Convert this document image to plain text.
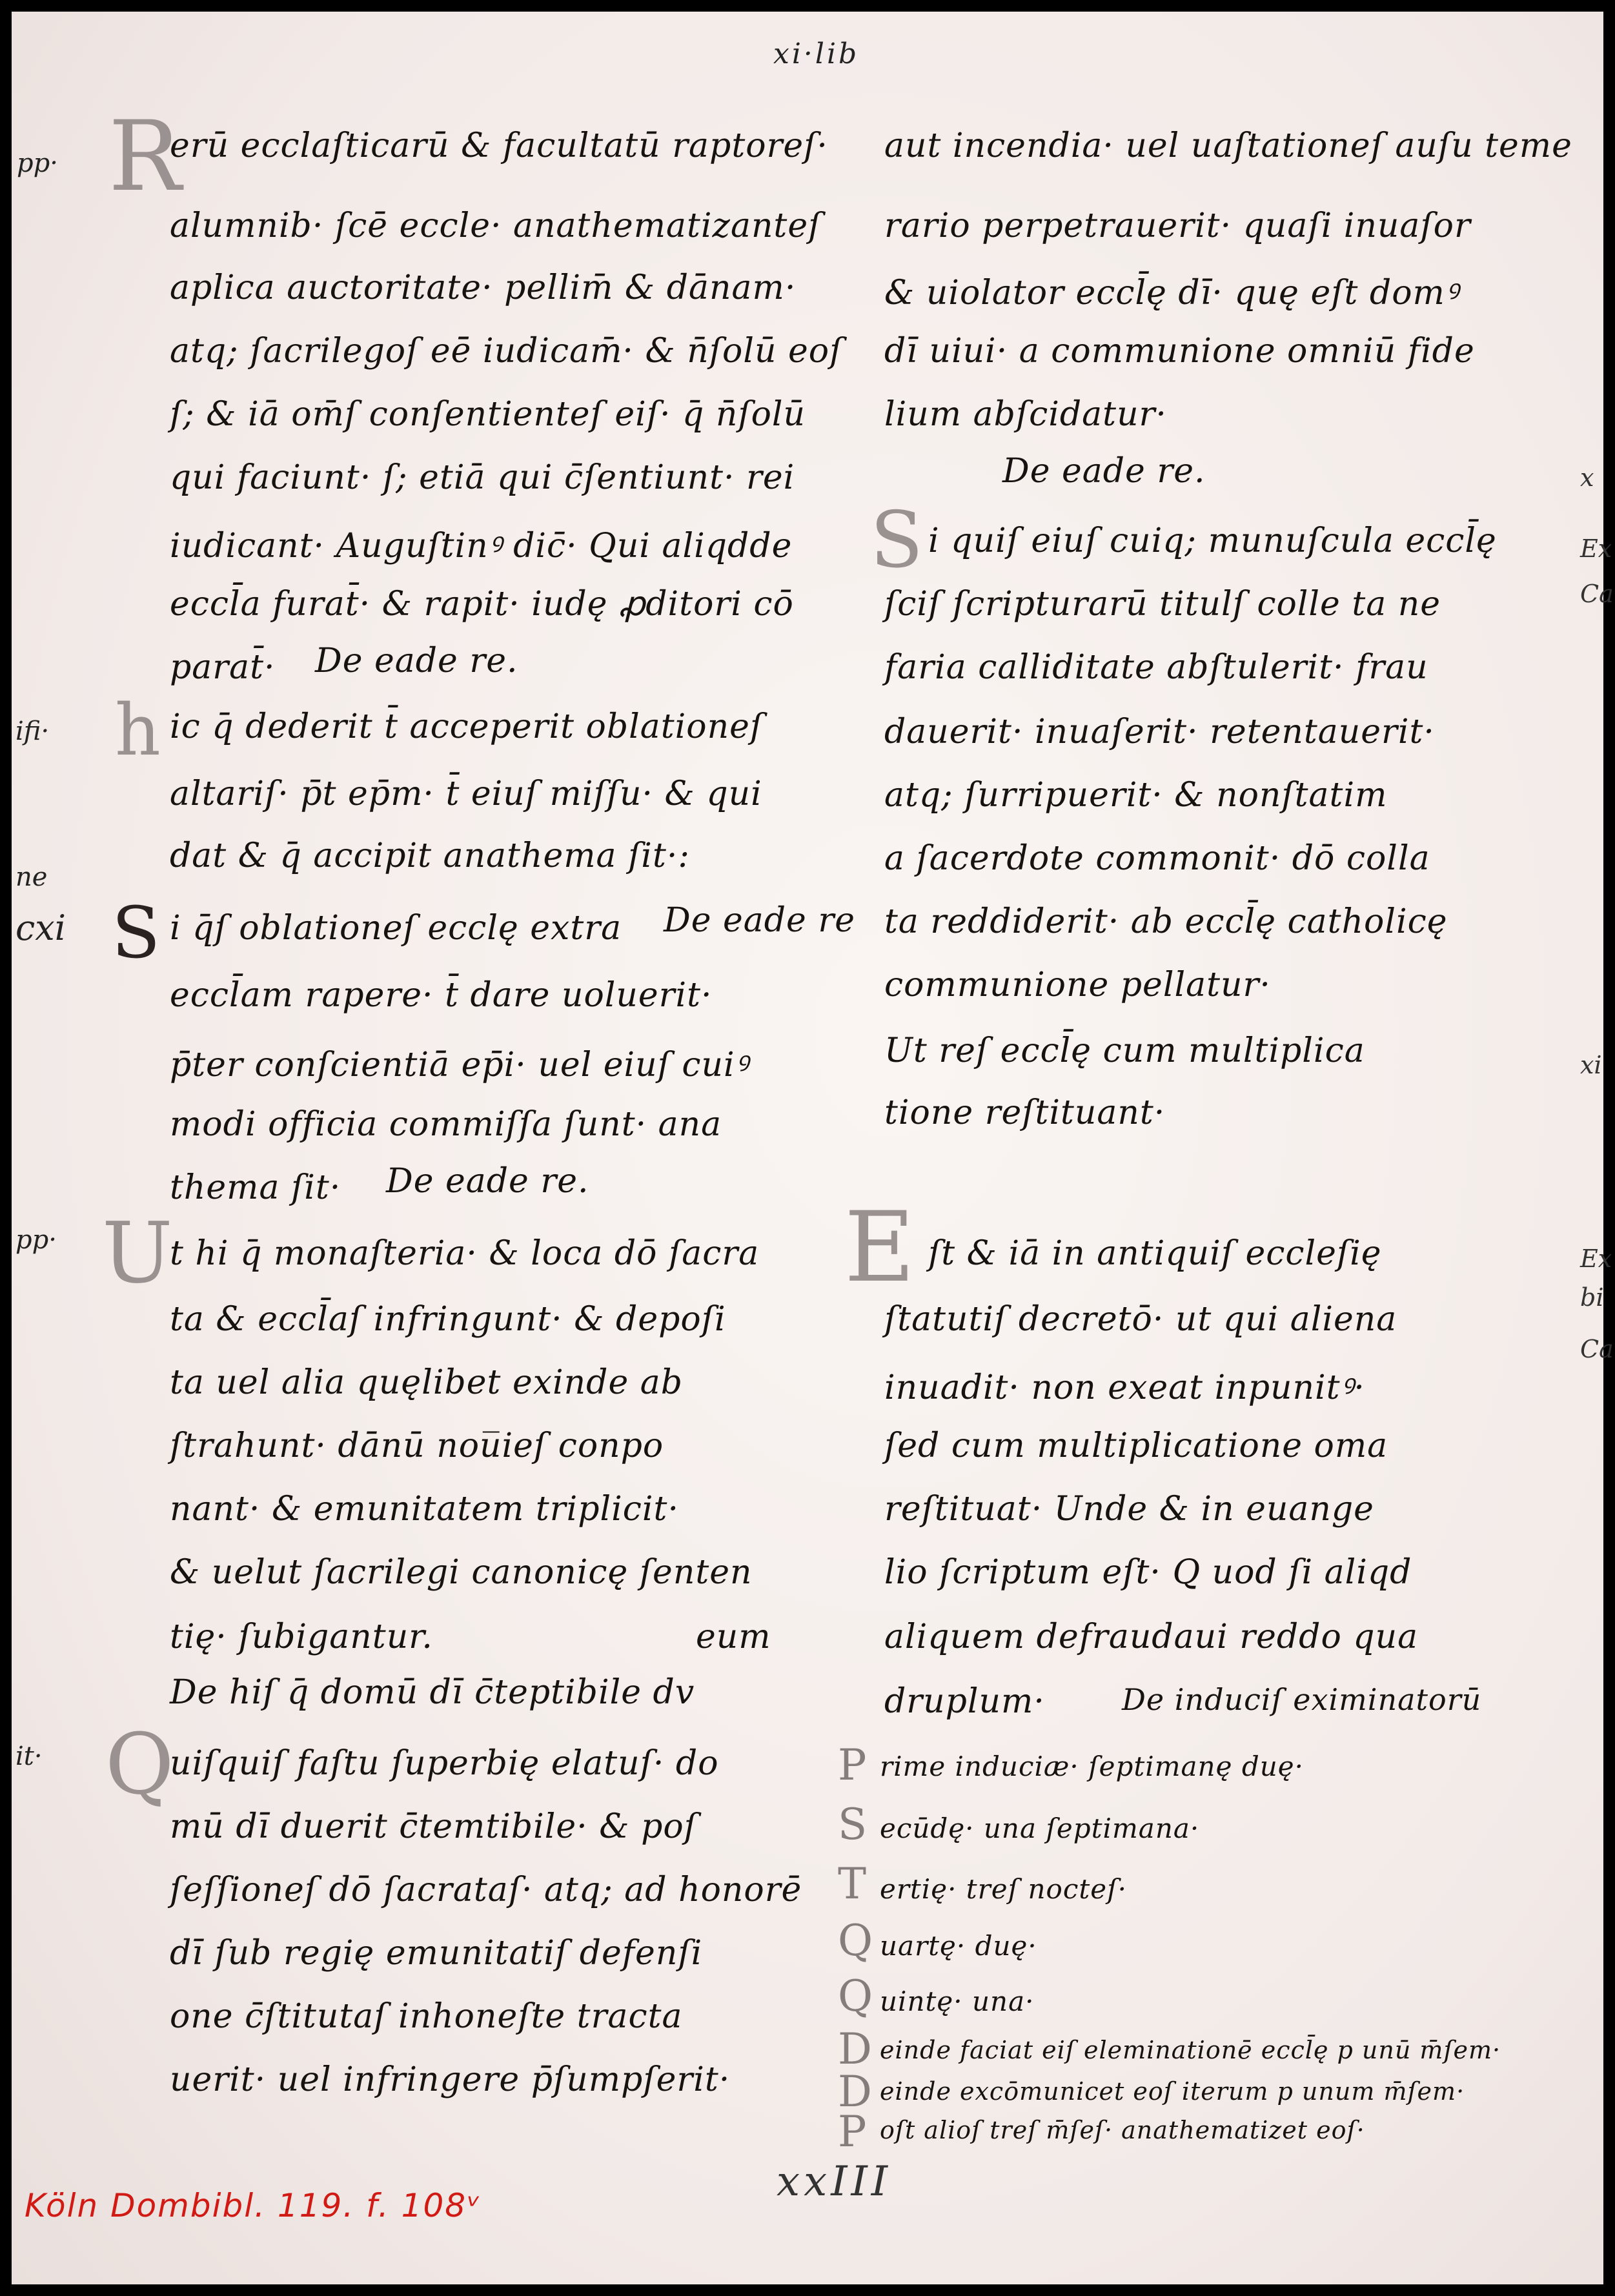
xi·lib
pp·
ifi·
ne
cxi
pp·
it·
x
Ex
Ca
xi
Ex
bi
Ca
R
erū ecclaſticarū & facultatū raptoreſ·
alumnib· ſcē eccle· anathematizanteſ
aplica auctoritate· pellim̄ & dānam·
atq; ſacrilegoſ eē̄ iudicam̄· & n̄ſolū eoſ
ſ; & iā om̄ſ conſentienteſ eiſ· q̄ n̄ſolū
qui faciunt· ſ; etiā qui c̄ſentiunt· rei
iudicant· Auguſtinꝰ dic̄· Qui aliqdde
eccl̄a furat̄· & rapit· iudę ꝓditori cō
parat̄· De eade re.
h ic q̄ dederit t̄ acceperit oblationeſ
altariſ· p̄t ep̄m· t̄ eiuſ miſſu· & qui
dat & q̄ accipit anathema ſit·:
S i q̄ſ oblationeſ ecclę extra De eade re
eccl̄am rapere· t̄ dare uoluerit·
p̄ter conſcientiā ep̄i· uel eiuſ cuiꝰ
modi officia commiſſa ſunt· ana
thema ſit· De eade re.
U
t hi q̄ monaſteria· & loca dō ſacra
ta & eccl̄aſ infringunt· & depoſi
ta uel alia quęlibet exinde ab
ſtrahunt· dānū nou̅ieſ conpo
nant· & emunitatem triplicit·
& uelut ſacrilegi canonicę ſenten
tię· ſubigantur.	eum
De hiſ q̄ domū dī c̄teptibile dv
Q
uiſquiſ faſtu ſuperbię elatuſ· do
mū dī duerit c̄temtibile· & poſ
ſeſſioneſ dō ſacrataſ· atq; ad honorē
dī ſub regię emunitatiſ defenſi
one c̄ſtitutaſ inhoneſte tracta
uerit· uel infringere p̄ſumpſerit·
aut incendia· uel uaſtationeſ auſu teme
rario perpetrauerit· quaſi inuaſor
& uiolator eccl̄ę dī· quę eſt domꝰ
dī uiui· a communione omniū fide
lium abſcidatur·
De eade re.
S i quiſ eiuſ cuiq; munuſcula eccl̄ę
ſciſ ſcripturarū titulſ colle ta ne
faria calliditate abſtulerit· frau
dauerit· inuaſerit· retentauerit·
atq; ſurripuerit· & nonſtatim
a ſacerdote commonit· dō colla
ta reddiderit· ab eccl̄ę catholicę
communione pellatur·
Ut reſ eccl̄ę cum multiplica
tione reſtituant·
E ſt & iā in antiquiſ eccleſię
ſtatutiſ decretō· ut qui aliena
inuadit· non exeat inpunitꝰ·
ſed cum multiplicatione oma
reſtituat· Unde & in euange
lio ſcriptum eſt· Q uod ſi aliqd
aliquem defraudaui reddo qua
druplum·	De induciſ eximinatorū
P rime induciæ· ſeptimanę duę·
S ecūdę· una ſeptimana·
T ertię· treſ nocteſ·
Q uartę· duę·
Q uintę· una·
D einde faciat eiſ eleminationē eccl̄ę p unū m̄ſem·
D einde excōmunicet eoſ iterum p unum m̄ſem·
P oſt alioſ treſ m̄ſeſ· anathematizet eoſ·
xxIII
Köln Dombibl. 119. f. 108ᵛ
